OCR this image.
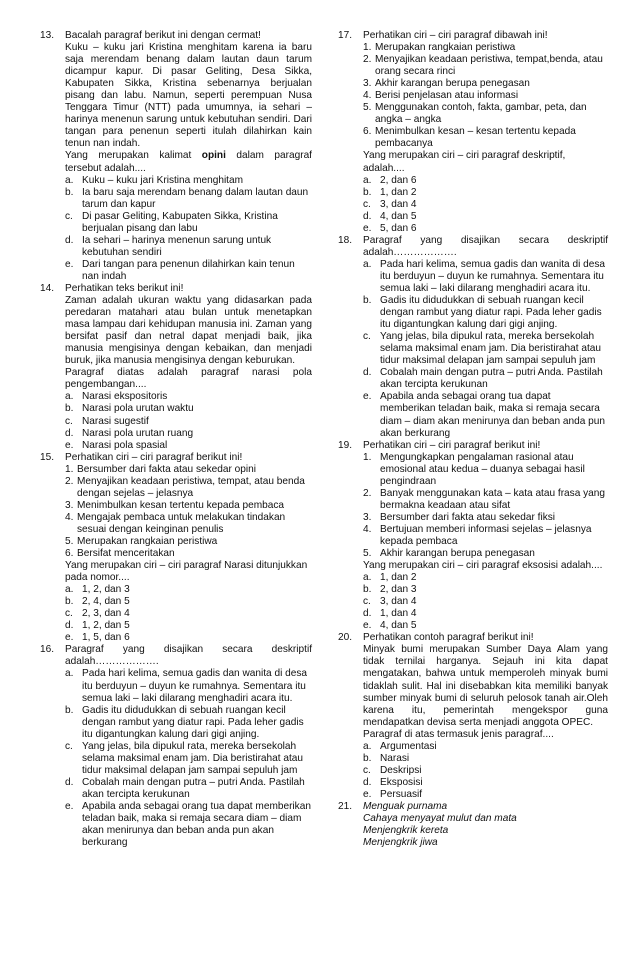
13.	Bacalah paragraf berikut ini dengan cermat!
Kuku – kuku jari Kristina menghitam karena ia baru saja merendam benang dalam lautan daun tarum dicampur kapur. Di pasar Geliting, Desa Sikka, Kabupaten Sikka, Kristina sebenarnya berjualan pisang dan labu. Namun, seperti perempuan Nusa Tenggara Timur (NTT) pada umumnya, ia sehari – harinya menenun sarung untuk kebutuhan sendiri. Dari tangan para penenun seperti itulah dilahirkan kain tenun nan indah.
Yang merupakan kalimat opini dalam paragraf tersebut adalah....
a. Kuku – kuku jari Kristina menghitam
b. Ia baru saja merendam benang dalam lautan daun tarum dan kapur
c. Di pasar Geliting, Kabupaten Sikka, Kristina berjualan pisang dan labu
d. Ia sehari – harinya menenun sarung untuk kebutuhan sendiri
e. Dari tangan para penenun dilahirkan kain tenun nan indah
14.	Perhatikan teks berikut ini!
Zaman adalah ukuran waktu yang didasarkan pada peredaran matahari atau bulan untuk menetapkan masa lampau dari kehidupan manusia ini. Zaman yang bersifat pasif dan netral dapat menjadi baik, jika manusia mengisinya dengan kebaikan, dan menjadi buruk, jika manusia mengisinya dengan keburukan.
Paragraf diatas adalah paragraf narasi pola pengembangan....
a. Narasi ekspositoris
b. Narasi pola urutan waktu
c. Narasi sugestif
d. Narasi pola urutan ruang
e. Narasi pola spasial
15.	Perhatikan ciri – ciri paragraf berikut ini!
1. Bersumber dari fakta atau sekedar opini
2. Menyajikan keadaan peristiwa, tempat, atau benda dengan sejelas – jelasnya
3. Menimbulkan kesan tertentu kepada pembaca
4. Mengajak pembaca untuk melakukan tindakan sesuai dengan keinginan penulis
5. Merupakan rangkaian peristiwa
6. Bersifat menceritakan
Yang merupakan ciri – ciri paragraf Narasi ditunjukkan pada nomor....
a. 1, 2, dan 3
b. 2, 4, dan 5
c. 2, 3, dan 4
d. 1, 2, dan 5
e. 1, 5, dan 6
16.	Paragraf yang disajikan secara deskriptif adalah……………….
a. Pada hari kelima, semua gadis dan wanita di desa itu berduyun – duyun ke rumahnya. Sementara itu semua laki – laki dilarang menghadiri acara itu.
b. Gadis itu didudukkan di sebuah ruangan kecil dengan rambut yang diatur rapi. Pada leher gadis itu digantungkan kalung dari gigi anjing.
c. Yang jelas, bila dipukul rata, mereka bersekolah selama maksimal enam jam. Dia beristirahat atau tidur maksimal delapan jam sampai sepuluh jam
d. Cobalah main dengan putra – putri Anda. Pastilah akan tercipta kerukunan
e. Apabila anda sebagai orang tua dapat memberikan teladan baik, maka si remaja secara diam – diam akan menirunya dan beban anda pun akan berkurang
17.	Perhatikan ciri – ciri paragraf dibawah ini!
1. Merupakan rangkaian peristiwa
2. Menyajikan keadaan peristiwa, tempat,benda, atau orang secara rinci
3. Akhir karangan berupa penegasan
4. Berisi penjelasan atau informasi
5. Menggunakan contoh, fakta, gambar, peta, dan angka – angka
6. Menimbulkan kesan – kesan tertentu kepada pembacanya
Yang merupakan ciri – ciri paragraf deskriptif, adalah....
a. 2, dan 6
b. 1, dan 2
c. 3, dan 4
d. 4, dan 5
e. 5, dan 6
18.	Paragraf yang disajikan secara deskriptif adalah……………….
a. Pada hari kelima, semua gadis dan wanita di desa itu berduyun – duyun ke rumahnya. Sementara itu semua laki – laki dilarang menghadiri acara itu.
b. Gadis itu didudukkan di sebuah ruangan kecil dengan rambut yang diatur rapi. Pada leher gadis itu digantungkan kalung dari gigi anjing.
c. Yang jelas, bila dipukul rata, mereka bersekolah selama maksimal enam jam. Dia beristirahat atau tidur maksimal delapan jam sampai sepuluh jam
d. Cobalah main dengan putra – putri Anda. Pastilah akan tercipta kerukunan
e. Apabila anda sebagai orang tua dapat memberikan teladan baik, maka si remaja secara diam – diam akan menirunya dan beban anda pun akan berkurang
19.	Perhatikan ciri – ciri paragraf berikut ini!
1. Mengungkapkan pengalaman rasional atau emosional atau kedua – duanya sebagai hasil pengindraan
2. Banyak menggunakan kata – kata atau frasa yang bermakna keadaan atau sifat
3. Bersumber dari fakta atau sekedar fiksi
4. Bertujuan memberi informasi sejelas – jelasnya kepada pembaca
5. Akhir karangan berupa penegasan
Yang merupakan ciri – ciri paragraf eksosisi adalah....
a. 1, dan 2
b. 2, dan 3
c. 3, dan 4
d. 1, dan 4
e. 4, dan 5
20.	Perhatikan contoh paragraf berikut ini!
Minyak bumi merupakan Sumber Daya Alam yang tidak ternilai harganya. Sejauh ini kita dapat mengatakan, bahwa untuk memperoleh minyak bumi tidaklah sulit. Hal ini disebabkan kita memiliki banyak sumber minyak bumi di seluruh pelosok tanah air.Oleh karena itu, pemerintah mengekspor guna mendapatkan devisa serta menjadi anggota OPEC.
Paragraf di atas termasuk jenis paragraf....
a. Argumentasi
b. Narasi
c. Deskripsi
d. Eksposisi
e. Persuasif
21.	Menguak purnama
Cahaya menyayat mulut dan mata
Menjengkrik kereta
Menjengkrik jiwa
